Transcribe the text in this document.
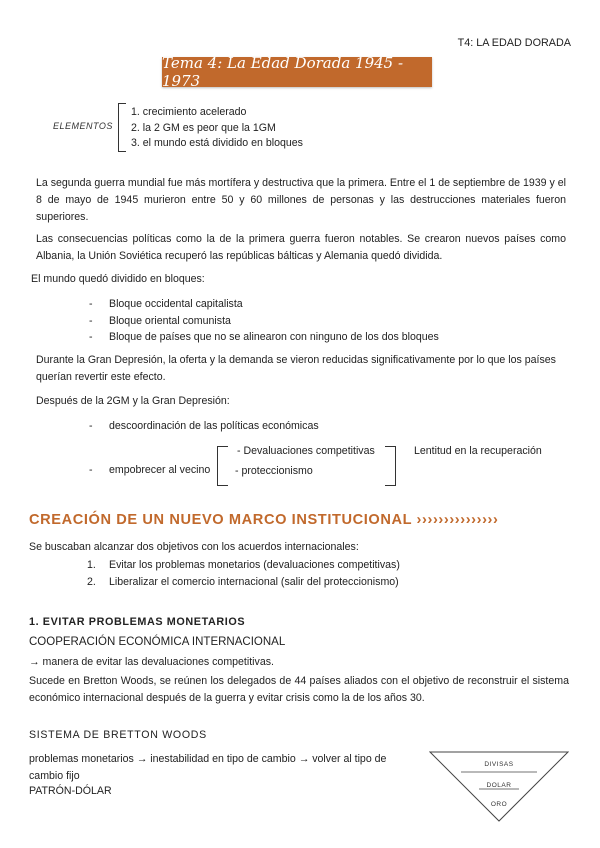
T4: LA EDAD DORADA
Tema 4: La Edad Dorada 1945 - 1973
ELEMENTOS
1. crecimiento acelerado
2. la 2 GM es peor que la 1GM
3. el mundo está dividido en bloques
La segunda guerra mundial fue más mortífera y destructiva que la primera. Entre el 1 de septiembre de 1939 y el 8 de mayo de 1945 murieron entre 50 y 60 millones de personas y las destrucciones materiales fueron superiores.
Las consecuencias políticas como la de la primera guerra fueron notables. Se crearon nuevos países como Albania, la Unión Soviética recuperó las repúblicas bálticas y Alemania quedó dividida.
El mundo quedó dividido en bloques:
-	Bloque occidental capitalista
-	Bloque oriental comunista
-	Bloque de países que no se alinearon con ninguno de los dos bloques
Durante la Gran Depresión, la oferta y la demanda se vieron reducidas significativamente por lo que los países querían revertir este efecto.
Después de la 2GM y la Gran Depresión:
-	descoordinación de las políticas económicas
-	empobrecer al vecino
- Devaluaciones competitivas
- proteccionismo
Lentitud en la recuperación
CREACIÓN DE UN NUEVO MARCO INSTITUCIONAL ›››››››››››››››
Se buscaban alcanzar dos objetivos con los acuerdos internacionales:
1.	Evitar los problemas monetarios (devaluaciones competitivas)
2.	Liberalizar el comercio internacional (salir del proteccionismo)
1. EVITAR PROBLEMAS MONETARIOS
COOPERACIÓN ECONÓMICA INTERNACIONAL
→ manera de evitar las devaluaciones competitivas.
Sucede en Bretton Woods, se reúnen los delegados de 44 países aliados con el objetivo de reconstruir el sistema económico internacional después de la guerra y evitar crisis como la de los años 30.
SISTEMA DE BRETTON WOODS
problemas monetarios → inestabilidad en tipo de cambio → volver al tipo de cambio fijo
PATRÓN-DÓLAR
DIVISAS
DOLAR
ORO
